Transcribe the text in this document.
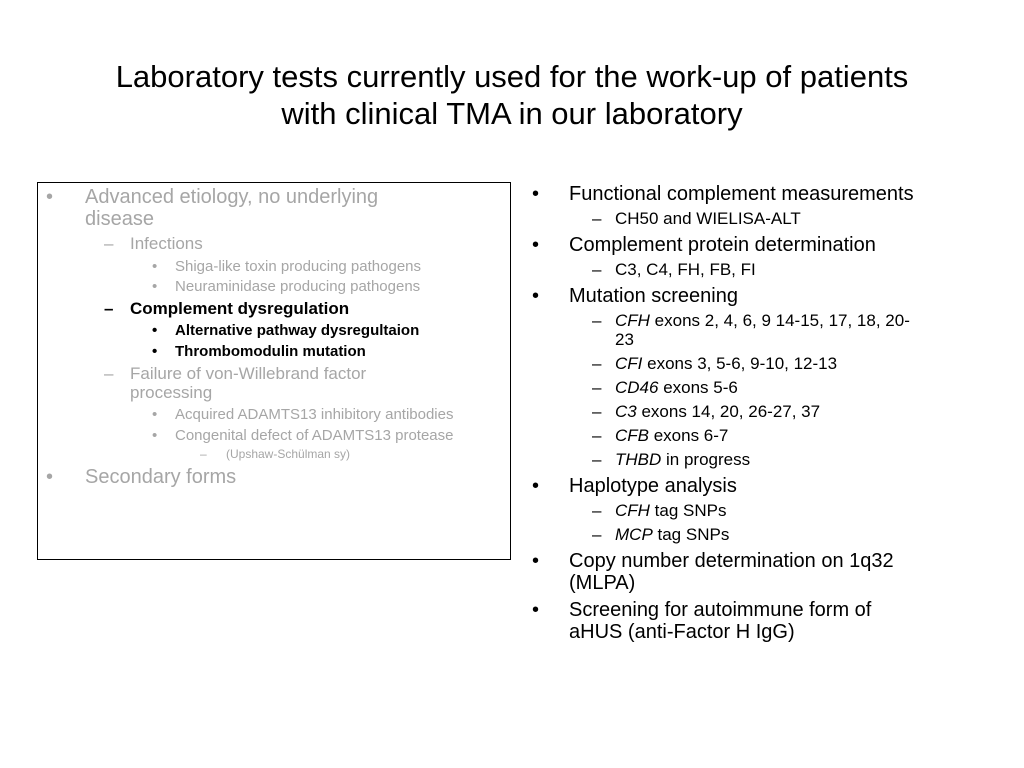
Laboratory tests currently used for the work-up of patients
with clinical TMA in our laboratory
• Advanced etiology, no underlying
disease
– Infections
• Shiga-like toxin producing pathogens
• Neuraminidase producing pathogens
– Complement dysregulation
• Alternative pathway dysregultaion
• Thrombomodulin mutation
– Failure of von-Willebrand factor
processing
• Acquired ADAMTS13 inhibitory antibodies
• Congenital defect of ADAMTS13 protease
– (Upshaw-Schülman sy)
• Secondary forms
• Functional complement measurements
– CH50 and WIELISA-ALT
• Complement protein determination
– C3, C4, FH, FB, FI
• Mutation screening
– CFH exons 2, 4, 6, 9 14-15, 17, 18, 20-
23
– CFI exons 3, 5-6, 9-10, 12-13
– CD46 exons 5-6
– C3 exons 14, 20, 26-27, 37
– CFB exons 6-7
– THBD in progress
• Haplotype analysis
– CFH tag SNPs
– MCP tag SNPs
• Copy number determination on 1q32
(MLPA)
• Screening for autoimmune form of
aHUS (anti-Factor H IgG)
